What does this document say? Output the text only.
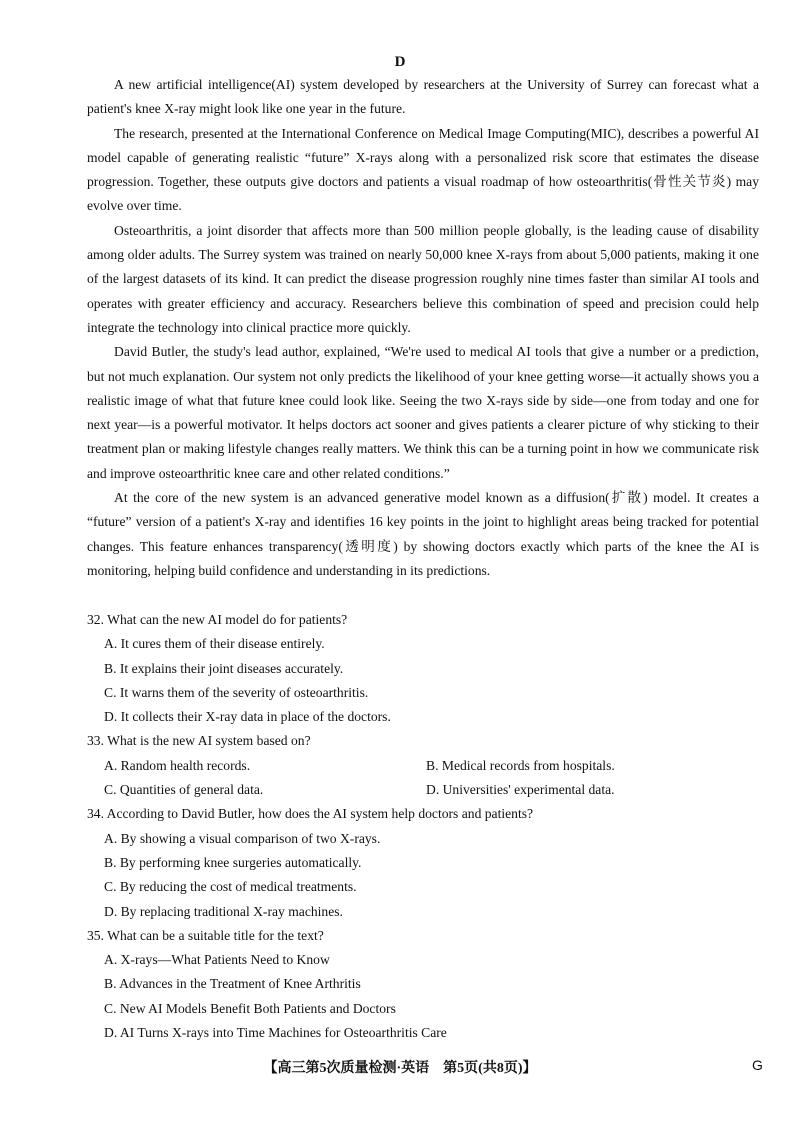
D

A new artificial intelligence(AI) system developed by researchers at the University of Surrey can forecast what a patient's knee X-ray might look like one year in the future.

The research, presented at the International Conference on Medical Image Computing(MIC), describes a powerful AI model capable of generating realistic “future” X-rays along with a personalized risk score that estimates the disease progression. Together, these outputs give doctors and patients a visual roadmap of how osteoarthritis(骨性关节炎) may evolve over time.

Osteoarthritis, a joint disorder that affects more than 500 million people globally, is the leading cause of disability among older adults. The Surrey system was trained on nearly 50,000 knee X-rays from about 5,000 patients, making it one of the largest datasets of its kind. It can predict the disease progression roughly nine times faster than similar AI tools and operates with greater efficiency and accuracy. Researchers believe this combination of speed and precision could help integrate the technology into clinical practice more quickly.

David Butler, the study's lead author, explained, “We're used to medical AI tools that give a number or a prediction, but not much explanation. Our system not only predicts the likelihood of your knee getting worse—it actually shows you a realistic image of what that future knee could look like. Seeing the two X-rays side by side—one from today and one for next year—is a powerful motivator. It helps doctors act sooner and gives patients a clearer picture of why sticking to their treatment plan or making lifestyle changes really matters. We think this can be a turning point in how we communicate risk and improve osteoarthritic knee care and other related conditions.”

At the core of the new system is an advanced generative model known as a diffusion(扩散) model. It creates a “future” version of a patient's X-ray and identifies 16 key points in the joint to highlight areas being tracked for potential changes. This feature enhances transparency(透明度) by showing doctors exactly which parts of the knee the AI is monitoring, helping build confidence and understanding in its predictions.

32. What can the new AI model do for patients?
A. It cures them of their disease entirely.
B. It explains their joint diseases accurately.
C. It warns them of the severity of osteoarthritis.
D. It collects their X-ray data in place of the doctors.
33. What is the new AI system based on?
A. Random health records.	B. Medical records from hospitals.
C. Quantities of general data.	D. Universities' experimental data.
34. According to David Butler, how does the AI system help doctors and patients?
A. By showing a visual comparison of two X-rays.
B. By performing knee surgeries automatically.
C. By reducing the cost of medical treatments.
D. By replacing traditional X-ray machines.
35. What can be a suitable title for the text?
A. X-rays—What Patients Need to Know
B. Advances in the Treatment of Knee Arthritis
C. New AI Models Benefit Both Patients and Doctors
D. AI Turns X-rays into Time Machines for Osteoarthritis Care
【高三第5次质量检测·英语　第5页(共8页)】	G
